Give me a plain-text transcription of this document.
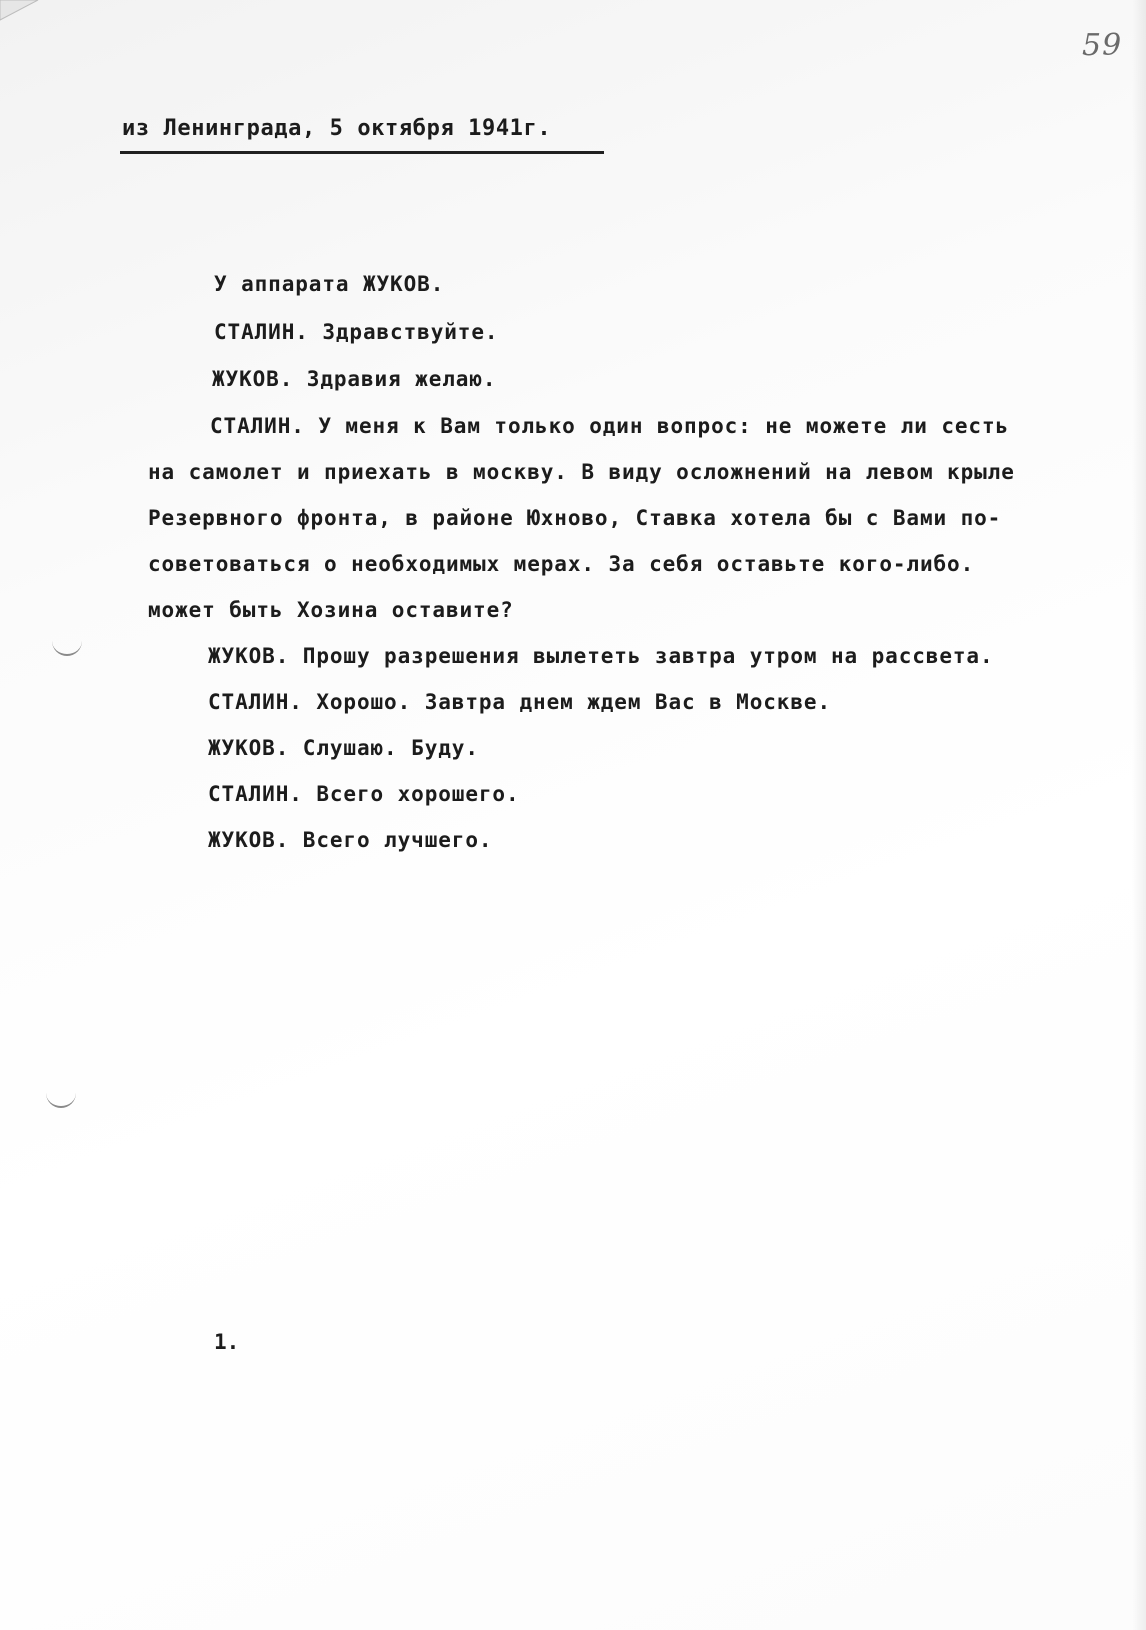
59
из Ленинграда, 5 октября 1941г.
У аппарата ЖУКОВ.
СТАЛИН. Здравствуйте.
ЖУКОВ. Здравия желаю.
СТАЛИН. У меня к Вам только один вопрос: не можете ли сесть
на самолет и приехать в москву. В виду осложнений на левом крыле
Резервного фронта, в районе Юхново, Ставка хотела бы с Вами по-
советоваться о необходимых мерах. За себя оставьте кого-либо.
может быть Хозина оставите?
ЖУКОВ. Прошу разрешения вылететь завтра утром на рассвета.
СТАЛИН. Хорошо. Завтра днем ждем Вас в Москве.
ЖУКОВ. Слушаю. Буду.
СТАЛИН. Всего хорошего.
ЖУКОВ. Всего лучшего.
1.
